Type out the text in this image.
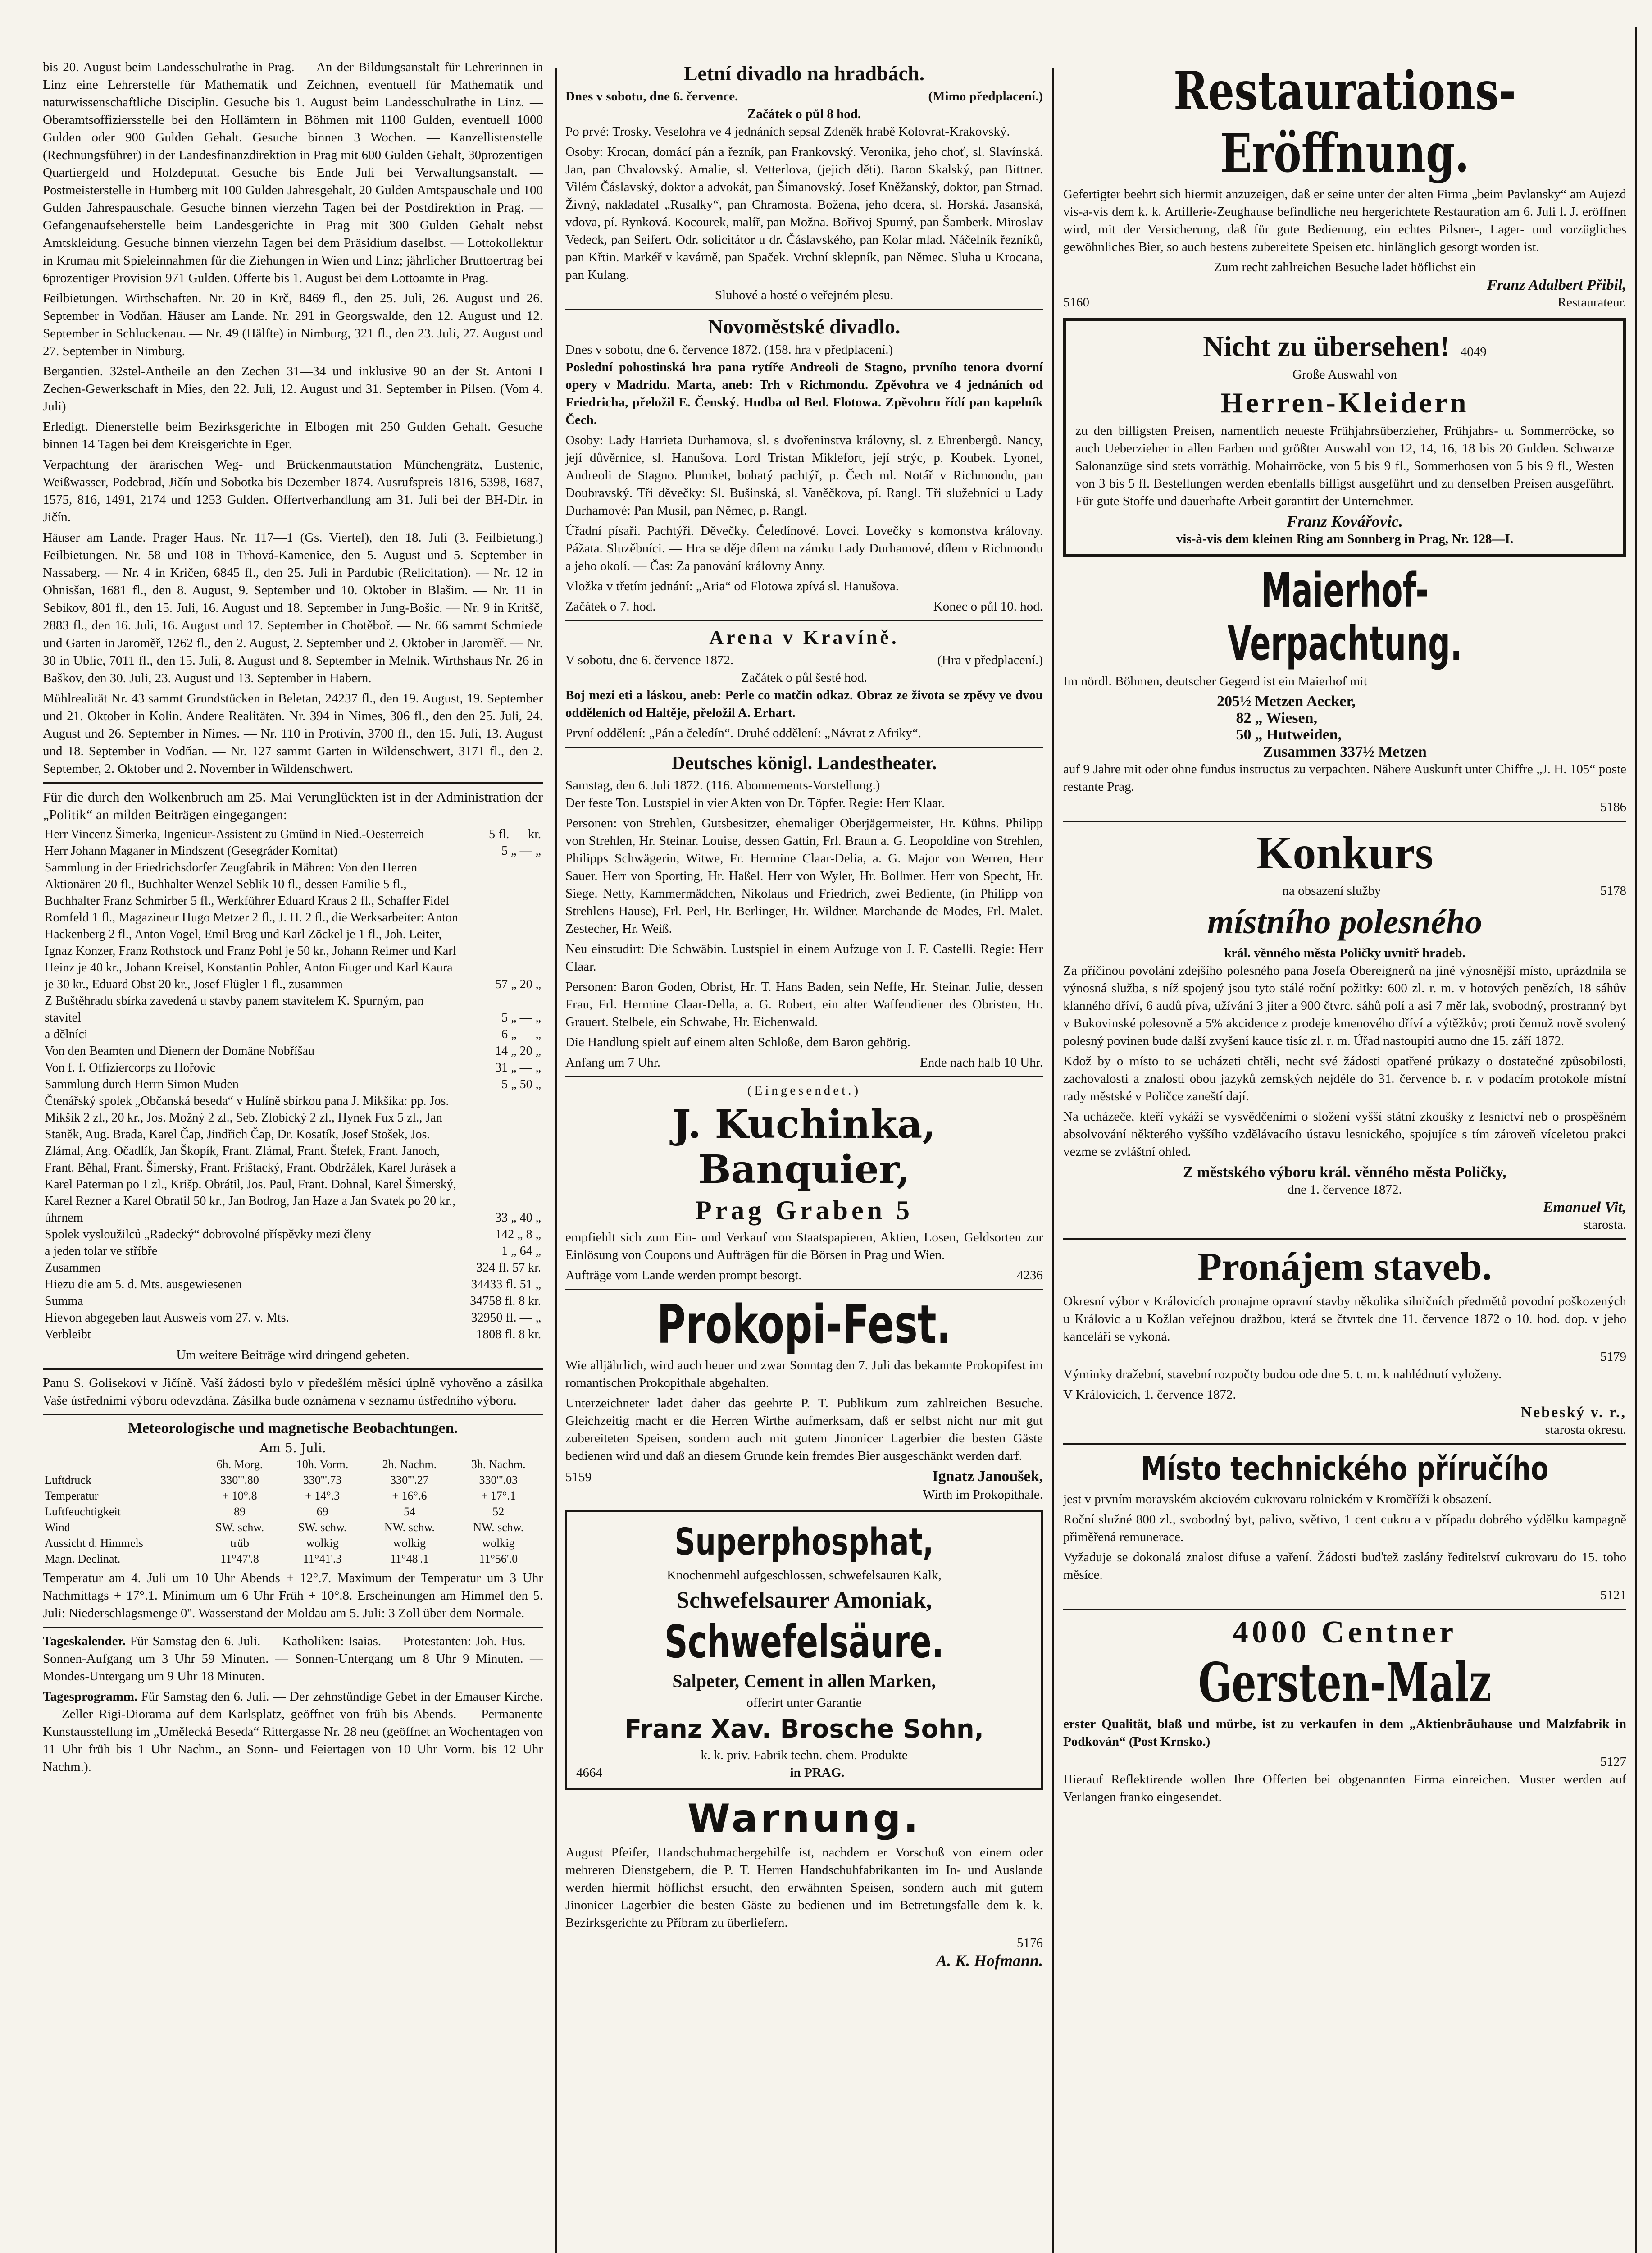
bis 20. August beim Landesschulrathe in Prag. — An der Bildungsanstalt für Lehrerinnen in Linz eine Lehrerstelle für Mathematik und Zeichnen, eventuell für Mathematik und naturwissenschaftliche Disciplin. Gesuche bis 1. August beim Landesschulrathe in Linz. — Oberamtsoffiziersstelle bei den Hollämtern in Böhmen mit 1100 Gulden, eventuell 1000 Gulden oder 900 Gulden Gehalt. Gesuche binnen 3 Wochen. — Kanzellistenstelle (Rechnungsführer) in der Landesfinanzdirektion in Prag mit 600 Gulden Gehalt, 30prozentigen Quartiergeld und Holzdeputat. Gesuche bis Ende Juli bei Verwaltungsanstalt. — Postmeisterstelle in Humberg mit 100 Gulden Jahresgehalt, 20 Gulden Amtspauschale und 100 Gulden Jahrespauschale. Gesuche binnen vierzehn Tagen bei der Postdirektion in Prag. — Gefangenaufseherstelle beim Landesgerichte in Prag mit 300 Gulden Gehalt nebst Amtskleidung. Gesuche binnen vierzehn Tagen bei dem Präsidium daselbst. — Lottokollektur in Krumau mit Spieleinnahmen für die Ziehungen in Wien und Linz; jährlicher Bruttoertrag bei 6prozentiger Provision 971 Gulden. Offerte bis 1. August bei dem Lottoamte in Prag.

Feilbietungen. Wirthschaften. Nr. 20 in Krč, 8469 fl., den 25. Juli, 26. August und 26. September in Vodňan. Häuser am Lande. Nr. 291 in Georgswalde, den 12. August und 12. September in Schluckenau. — Nr. 49 (Hälfte) in Nimburg, 321 fl., den 23. Juli, 27. August und 27. September in Nimburg.

Bergantien. 32stel-Antheile an den Zechen 31—34 und inklusive 90 an der St. Antoni I Zechen-Gewerkschaft in Mies, den 22. Juli, 12. August und 31. September in Pilsen. (Vom 4. Juli)

Erledigt. Dienerstelle beim Bezirksgerichte in Elbogen mit 250 Gulden Gehalt. Gesuche binnen 14 Tagen bei dem Kreisgerichte in Eger.

Verpachtung der ärarischen Weg- und Brückenmautstation Münchengrätz, Lustenic, Weißwasser, Podebrad, Jičín und Sobotka bis Dezember 1874. Ausrufspreis 1816, 5398, 1687, 1575, 816, 1491, 2174 und 1253 Gulden. Offertverhandlung am 31. Juli bei der BH-Dir. in Jičín.

Häuser am Lande. Prager Haus. Nr. 117—1 (Gs. Viertel), den 18. Juli (3. Feilbietung.) Feilbietungen. Nr. 58 und 108 in Trhová-Kamenice, den 5. August und 5. September in Nassaberg. — Nr. 4 in Kričen, 6845 fl., den 25. Juli in Pardubic (Relicitation). — Nr. 12 in Ohnisšan, 1681 fl., den 8. August, 9. September und 10. Oktober in Blašim. — Nr. 11 in Sebikov, 801 fl., den 15. Juli, 16. August und 18. September in Jung-Bošic. — Nr. 9 in Kritšč, 2883 fl., den 16. Juli, 16. August und 17. September in Chotěboř. — Nr. 66 sammt Schmiede und Garten in Jaroměř, 1262 fl., den 2. August, 2. September und 2. Oktober in Jaroměř. — Nr. 30 in Ublic, 7011 fl., den 15. Juli, 8. August und 8. September in Melnik. Wirthshaus Nr. 26 in Baškov, den 30. Juli, 23. August und 13. September in Habern.

Mühlrealität Nr. 43 sammt Grundstücken in Beletan, 24237 fl., den 19. August, 19. September und 21. Oktober in Kolin. Andere Realitäten. Nr. 394 in Nimes, 306 fl., den den 25. Juli, 24. August und 26. September in Nimes. — Nr. 110 in Protivín, 3700 fl., den 15. Juli, 13. August und 18. September in Vodňan. — Nr. 127 sammt Garten in Wildenschwert, 3171 fl., den 2. September, 2. Oktober und 2. November in Wildenschwert.

Für die durch den Wolkenbruch am 25. Mai Verunglückten ist in der Administration der „Politik“ an milden Beiträgen eingegangen:

Herr Vincenz Šimerka, Ingenieur-Assistent zu Gmünd in Nied.-Oesterreich	5 fl. — kr.
Herr Johann Maganer in Mindszent (Gesegráder Komitat)	5 „ — „
Sammlung in der Friedrichsdorfer Zeugfabrik in Mähren: Von den Herren Aktionären 20 fl., Buchhalter Wenzel Seblik 10 fl., dessen Familie 5 fl., Buchhalter Franz Schmirber 5 fl., Werkführer Eduard Kraus 2 fl., Schaffer Fidel Romfeld 1 fl., Magazineur Hugo Metzer 2 fl., J. H. 2 fl., die Werksarbeiter: Anton Hackenberg 2 fl., Anton Vogel, Emil Brog und Karl Zöckel je 1 fl., Joh. Leiter, Ignaz Konzer, Franz Rothstock und Franz Pohl je 50 kr., Johann Reimer und Karl Heinz je 40 kr., Johann Kreisel, Konstantin Pohler, Anton Fiuger und Karl Kaura je 30 kr., Eduard Obst 20 kr., Josef Flügler 1 fl., zusammen	57 „ 20 „
Z Buštěhradu sbírka zavedená u stavby panem stavitelem K. Spurným, pan stavitel	5 „ — „
a dělníci	6 „ — „
Von den Beamten und Dienern der Domäne Nobříšau	14 „ 20 „
Von f. f. Offiziercorps zu Hořovic	31 „ — „
Sammlung durch Herrn Simon Muden	5 „ 50 „
Čtenářský spolek „Občanská beseda“ v Hulíně sbírkou pana J. Mikšíka: pp. Jos. Mikšík 2 zl., 20 kr., Jos. Možný 2 zl., Seb. Zlobický 2 zl., Hynek Fux 5 zl., Jan Staněk, Aug. Brada, Karel Čap, Jindřich Čap, Dr. Kosatík, Josef Stošek, Jos. Zlámal, Ang. Očadlík, Jan Škopík, Frant. Zlámal, Frant. Štefek, Frant. Janoch, Frant. Běhal, Frant. Šimerský, Frant. Fríštacký, Frant. Obdržálek, Karel Jurásek a Karel Paterman po 1 zl., Krišp. Obrátil, Jos. Paul, Frant. Dohnal, Karel Šimerský, Karel Rezner a Karel Obratil 50 kr., Jan Bodrog, Jan Haze a Jan Svatek po 20 kr., úhrnem	33 „ 40 „
Spolek vysloužilců „Radecký“ dobrovolné příspěvky mezi členy	142 „ 8 „
a jeden tolar ve stříbře	1 „ 64 „
Zusammen	324 fl. 57 kr.
Hiezu die am 5. d. Mts. ausgewiesenen	34433 fl. 51 „
Summa	34758 fl. 8 kr.
Hievon abgegeben laut Ausweis vom 27. v. Mts.	32950 fl. — „
Verbleibt	1808 fl. 8 kr.

Um weitere Beiträge wird dringend gebeten.

Panu S. Golisekovi v Jičíně. Vaší žádosti bylo v předešlém měsíci úplně vyhověno a zásilka Vaše ústředními výboru odevzdána. Zásilka bude oznámena v seznamu ústředního výboru.

Meteorologische und magnetische Beobachtungen.
Am 5. Juli.
	6h. Morg.	10h. Vorm.	2h. Nachm.	3h. Nachm.
Luftdruck	330'''.80	330'''.73	330'''.27	330'''.03
Temperatur	+ 10°.8	+ 14°.3	+ 16°.6	+ 17°.1
Luftfeuchtigkeit	89	69	54	52
Wind	SW. schw.	SW. schw.	NW. schw.	NW. schw.
Aussicht d. Himmels	trüb	wolkig	wolkig	wolkig
Magn. Declinat.	11°47'.8	11°41'.3	11°48'.1	11°56'.0

Temperatur am 4. Juli um 10 Uhr Abends + 12°.7. Maximum der Temperatur um 3 Uhr Nachmittags + 17°.1. Minimum um 6 Uhr Früh + 10°.8. Erscheinungen am Himmel den 5. Juli: Niederschlagsmenge 0''. Wasserstand der Moldau am 5. Juli: 3 Zoll über dem Normale.

Tageskalender. Für Samstag den 6. Juli. — Katholiken: Isaias. — Protestanten: Joh. Hus. — Sonnen-Aufgang um 3 Uhr 59 Minuten. — Sonnen-Untergang um 8 Uhr 9 Minuten. — Mondes-Untergang um 9 Uhr 18 Minuten.

Tagesprogramm. Für Samstag den 6. Juli. — Der zehnstündige Gebet in der Emauser Kirche. — Zeller Rigi-Diorama auf dem Karlsplatz, geöffnet von früh bis Abends. — Permanente Kunstausstellung im „Umělecká Beseda“ Rittergasse Nr. 28 neu (geöffnet an Wochentagen von 11 Uhr früh bis 1 Uhr Nachm., an Sonn- und Feiertagen von 10 Uhr Vorm. bis 12 Uhr Nachm.).

Letní divadlo na hradbách.
Dnes v sobotu, dne 6. července.	(Mimo předplacení.)
Začátek o půl 8 hod.

Po prvé: Trosky. Veselohra ve 4 jednáních sepsal Zdeněk hrabě Kolovrat-Krakovský.

Osoby: Krocan, domácí pán a řezník, pan Frankovský. Veronika, jeho choť, sl. Slavínská. Jan, pan Chvalovský. Amalie, sl. Vetterlova, (jejich děti). Baron Skalský, pan Bittner. Vilém Čáslavský, doktor a advokát, pan Šimanovský. Josef Kněžanský, doktor, pan Strnad. Živný, nakladatel „Rusalky“, pan Chramosta. Božena, jeho dcera, sl. Horská. Jasanská, vdova, pí. Rynková. Kocourek, malíř, pan Možna. Bořivoj Spurný, pan Šamberk. Miroslav Vedeck, pan Seifert. Odr. solicitátor u dr. Čáslavského, pan Kolar mlad. Náčelník řezníků, pan Křtin. Markéř v kavárně, pan Spaček. Vrchní sklepník, pan Němec. Sluha u Krocana, pan Kulang.

Sluhové a hosté o veřejném plesu.
Novoměstské divadlo.
Dnes v sobotu, dne 6. července 1872. (158. hra v předplacení.)

Poslední pohostinská hra pana rytíře Andreoli de Stagno, prvního tenora dvorní opery v Madridu. Marta, aneb: Trh v Richmondu. Zpěvohra ve 4 jednáních od Friedricha, přeložil E. Čenský. Hudba od Bed. Flotowa. Zpěvohru řídí pan kapelník Čech.

Osoby: Lady Harrieta Durhamova, sl. s dvořeninstva královny, sl. z Ehrenbergů. Nancy, její důvěrnice, sl. Hanušova. Lord Tristan Miklefort, její strýc, p. Koubek. Lyonel, Andreoli de Stagno. Plumket, bohatý pachtýř, p. Čech ml. Notář v Richmondu, pan Doubravský. Tři děvečky: Sl. Bušinská, sl. Vaněčkova, pí. Rangl. Tři služebníci u Lady Durhamové: Pan Musil, pan Němec, p. Rangl.

Úřadní písaři. Pachtýři. Děvečky. Čeledínové. Lovci. Lovečky s komonstva královny. Pážata. Sluzěbníci. — Hra se děje dílem na zámku Lady Durhamové, dílem v Richmondu a jeho okolí. — Čas: Za panování královny Anny.

Vložka v třetím jednání: „Aria“ od Flotowa zpívá sl. Hanušova.

Začátek o 7. hod.	Konec o půl 10. hod.
Arena v Kravíně.
V sobotu, dne 6. července 1872.	(Hra v předplacení.)
Začátek o půl šesté hod.

Boj mezi eti a láskou, aneb: Perle co matčin odkaz. Obraz ze života se zpěvy ve dvou odděleních od Haltěje, přeložil A. Erhart.

První oddělení: „Pán a čeledín“. Druhé oddělení: „Návrat z Afriky“.

Deutsches königl. Landestheater.
Samstag, den 6. Juli 1872. (116. Abonnements-Vorstellung.)

Der feste Ton. Lustspiel in vier Akten von Dr. Töpfer. Regie: Herr Klaar.

Personen: von Strehlen, Gutsbesitzer, ehemaliger Oberjägermeister, Hr. Kühns. Philipp von Strehlen, Hr. Steinar. Louise, dessen Gattin, Frl. Braun a. G. Leopoldine von Strehlen, Philipps Schwägerin, Witwe, Fr. Hermine Claar-Delia, a. G. Major von Werren, Herr Sauer. Herr von Sporting, Hr. Haßel. Herr von Wyler, Hr. Bollmer. Herr von Specht, Hr. Siege. Netty, Kammermädchen, Nikolaus und Friedrich, zwei Bediente, (in Philipp von Strehlens Hause), Frl. Perl, Hr. Berlinger, Hr. Wildner. Marchande de Modes, Frl. Malet. Zestecher, Hr. Weiß.

Neu einstudirt: Die Schwäbin. Lustspiel in einem Aufzuge von J. F. Castelli. Regie: Herr Claar.

Personen: Baron Goden, Obrist, Hr. T. Hans Baden, sein Neffe, Hr. Steinar. Julie, dessen Frau, Frl. Hermine Claar-Della, a. G. Robert, ein alter Waffendiener des Obristen, Hr. Grauert. Stelbele, ein Schwabe, Hr. Eichenwald.

Die Handlung spielt auf einem alten Schloße, dem Baron gehörig.

Anfang um 7 Uhr.	Ende nach halb 10 Uhr.
(Eingesendet.)
J. Kuchinka, Banquier,
Prag Graben 5

empfiehlt sich zum Ein- und Verkauf von Staatspapieren, Aktien, Losen, Geldsorten zur Einlösung von Coupons und Aufträgen für die Börsen in Prag und Wien.

Aufträge vom Lande werden prompt besorgt.	4236
Prokopi-Fest.

Wie alljährlich, wird auch heuer und zwar Sonntag den 7. Juli das bekannte Prokopifest im romantischen Prokopithale abgehalten.

Unterzeichneter ladet daher das geehrte P. T. Publikum zum zahlreichen Besuche. Gleichzeitig macht er die Herren Wirthe aufmerksam, daß er selbst nicht nur mit gut zubereiteten Speisen, sondern auch mit gutem Jinonicer Lagerbier die besten Gäste bedienen wird und daß an diesem Grunde kein fremdes Bier ausgeschänkt werden darf.

5159	Ignatz Janoušek,
Wirth im Prokopithale.
Superphosphat,
Knochenmehl aufgeschlossen, schwefelsauren Kalk,
Schwefelsaurer Amoniak,
Schwefelsäure.
Salpeter, Cement in allen Marken,
offerirt unter Garantie
Franz Xav. Brosche Sohn,
k. k. priv. Fabrik techn. chem. Produkte
4664	in PRAG.
Warnung.

August Pfeifer, Handschuhmachergehilfe ist, nachdem er Vorschuß von einem oder mehreren Dienstgebern, die P. T. Herren Handschuhfabrikanten im In- und Auslande werden hiermit höflichst ersucht, den erwähnten Speisen, sondern auch mit gutem Jinonicer Lagerbier die besten Gäste zu bedienen und im Betretungsfalle dem k. k. Bezirksgerichte zu Příbram zu überliefern.

5176
A. K. Hofmann.
Restaurations-
Eröffnung.

Gefertigter beehrt sich hiermit anzuzeigen, daß er seine unter der alten Firma „beim Pavlansky“ am Aujezd vis-a-vis dem k. k. Artillerie-Zeughause befindliche neu hergerichtete Restauration am 6. Juli l. J. eröffnen wird, mit der Versicherung, daß für gute Bedienung, ein echtes Pilsner-, Lager- und vorzügliches gewöhnliches Bier, so auch bestens zubereitete Speisen etc. hinlänglich gesorgt worden ist.

Zum recht zahlreichen Besuche ladet höflichst ein
Franz Adalbert Přibil,
5160	Restaurateur.
Nicht zu übersehen! 4049
Große Auswahl von
Herren-Kleidern

zu den billigsten Preisen, namentlich neueste Frühjahrsüberzieher, Frühjahrs- u. Sommerröcke, so auch Ueberzieher in allen Farben und größter Auswahl von 12, 14, 16, 18 bis 20 Gulden. Schwarze Salonanzüge sind stets vorräthig. Mohairröcke, von 5 bis 9 fl., Sommerhosen von 5 bis 9 fl., Westen von 3 bis 5 fl. Bestellungen werden ebenfalls billigst ausgeführt und zu denselben Preisen ausgeführt. Für gute Stoffe und dauerhafte Arbeit garantirt der Unternehmer.

Franz Kovářovic.
vis-à-vis dem kleinen Ring am Sonnberg in Prag, Nr. 128—I.
Maierhof-Verpachtung.

Im nördl. Böhmen, deutscher Gegend ist ein Maierhof mit

205½	Metzen Aecker,
82	„ Wiesen,
50	„ Hutweiden,
Zusammen 337½ Metzen

auf 9 Jahre mit oder ohne fundus instructus zu verpachten. Nähere Auskunft unter Chiffre „J. H. 105“ poste restante Prag.

5186
Konkurs
na obsazení služby	5178
místního polesného
král. věnného města Poličky uvnitř hradeb.

Za příčinou povolání zdejšího polesného pana Josefa Obereignerů na jiné výnosnější místo, uprázdnila se výnosná služba, s níž spojený jsou tyto stálé roční požitky: 600 zl. r. m. v hotových penězích, 18 sáhův klanného dříví, 6 audů píva, užívání 3 jiter a 900 čtvrc. sáhů polí a asi 7 měr lak, svobodný, prostranný byt v Bukovinské polesovně a 5% akcidence z prodeje kmenového dříví a výtěžkův; proti čemuž nově svolený polesný povinen bude další zvyšení kauce tisíc zl. r. m. Úřad nastoupiti autno dne 15. září 1872.

Kdož by o místo to se ucházeti chtěli, necht své žádosti opatřené průkazy o dostatečné způsobilosti, zachovalosti a znalosti obou jazyků zemských nejdéle do 31. července b. r. v podacím protokole místní rady městské v Poličce zaneští dají.

Na ucházeče, kteří vykáží se vysvědčeními o složení vyšší státní zkoušky z lesnictví neb o prospěšném absolvování některého vyššího vzdělávacího ústavu lesnického, spojujíce s tím zároveň víceletou prakci vezme se zvláštní ohled.

Z městského výboru král. věnného města Poličky,
dne 1. července 1872.
Emanuel Vit,
starosta.
Pronájem staveb.

Okresní výbor v Královicích pronajme opravní stavby několika silničních předmětů povodní poškozených u Královic a u Kožlan veřejnou dražbou, která se čtvrtek dne 11. července 1872 o 10. hod. dop. v jeho kanceláři se vykoná.

5179

Výminky dražební, stavební rozpočty budou ode dne 5. t. m. k nahlédnutí vyloženy.

V Královicích, 1. července 1872.
Nebeský v. r.,
starosta okresu.
Místo technického příručího

jest v prvním moravském akciovém cukrovaru rolnickém v Kroměříži k obsazení.

Roční služné 800 zl., svobodný byt, palivo, světivo, 1 cent cukru a v případu dobrého výdělku kampagně přiměřená remunerace.

Vyžaduje se dokonalá znalost difuse a vaření. Žádosti buďtež zaslány ředitelství cukrovaru do 15. toho měsíce.

5121
4000 Centner
Gersten-Malz

erster Qualität, blaß und mürbe, ist zu verkaufen in dem „Aktienbräuhause und Malzfabrik in Podkován“ (Post Krnsko.)

5127

Hierauf Reflektirende wollen Ihre Offerten bei obgenannten Firma einreichen. Muster werden auf Verlangen franko eingesendet.
